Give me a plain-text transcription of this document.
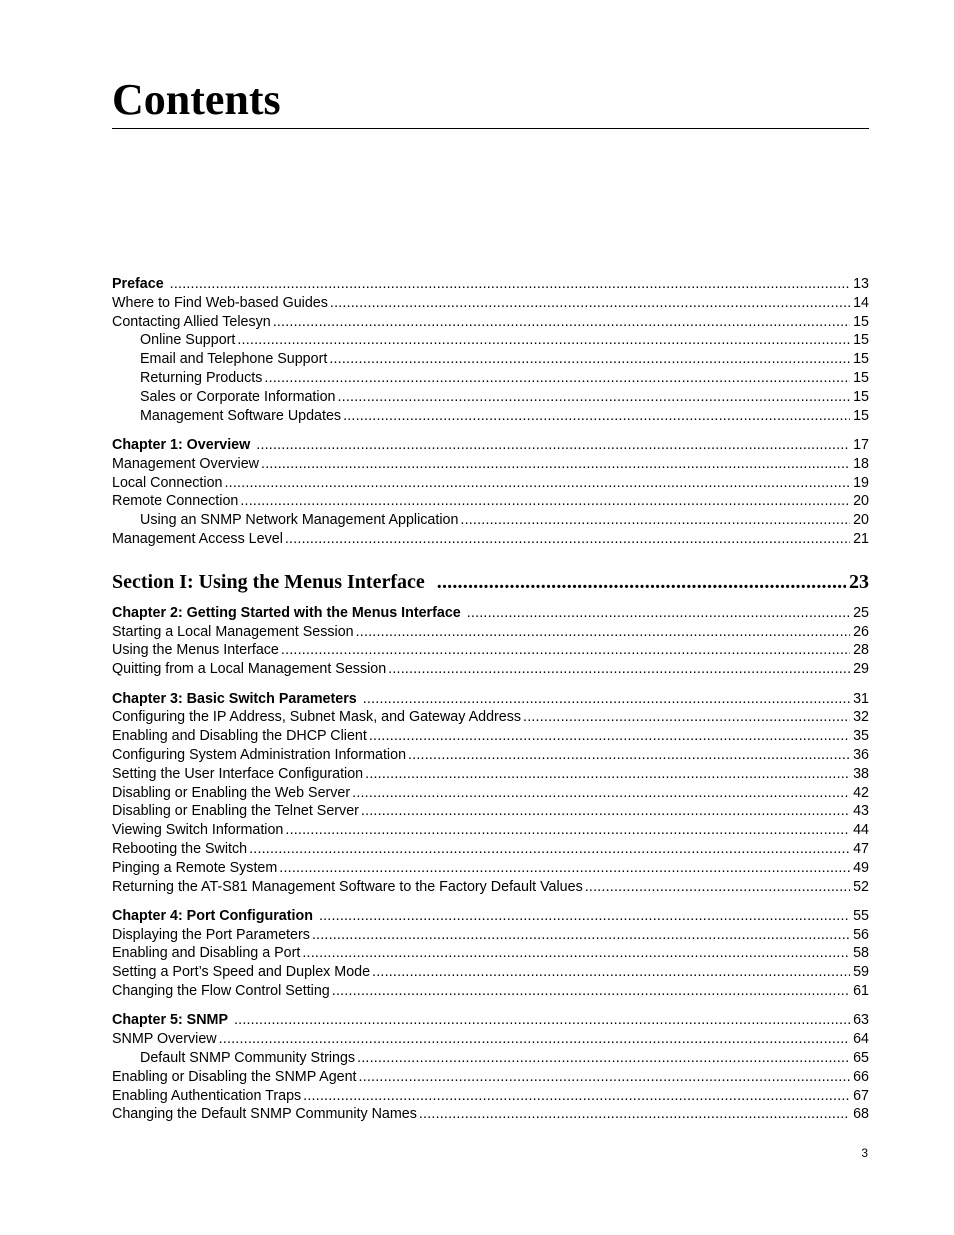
Contents
Preface .....	13
Where to Find Web-based Guides .....	14
Contacting Allied Telesyn .....	15
Online Support .....	15
Email and Telephone Support .....	15
Returning Products .....	15
Sales or Corporate Information .....	15
Management Software Updates .....	15
Chapter 1: Overview .....	17
Management Overview .....	18
Local Connection .....	19
Remote Connection .....	20
Using an SNMP Network Management Application .....	20
Management Access Level .....	21
Section I: Using the Menus Interface .....	23
Chapter 2: Getting Started with the Menus Interface .....	25
Starting a Local Management Session .....	26
Using the Menus Interface .....	28
Quitting from a Local Management Session .....	29
Chapter 3: Basic Switch Parameters .....	31
Configuring the IP Address, Subnet Mask, and Gateway Address .....	32
Enabling and Disabling the DHCP Client .....	35
Configuring System Administration Information .....	36
Setting the User Interface Configuration .....	38
Disabling or Enabling the Web Server .....	42
Disabling or Enabling the Telnet Server .....	43
Viewing Switch Information .....	44
Rebooting the Switch .....	47
Pinging a Remote System .....	49
Returning the AT-S81 Management Software to the Factory Default Values .....	52
Chapter 4: Port Configuration .....	55
Displaying the Port Parameters .....	56
Enabling and Disabling a Port .....	58
Setting a Port’s Speed and Duplex Mode .....	59
Changing the Flow Control Setting .....	61
Chapter 5: SNMP .....	63
SNMP Overview .....	64
Default SNMP Community Strings .....	65
Enabling or Disabling the SNMP Agent .....	66
Enabling Authentication Traps .....	67
Changing the Default SNMP Community Names .....	68
3
